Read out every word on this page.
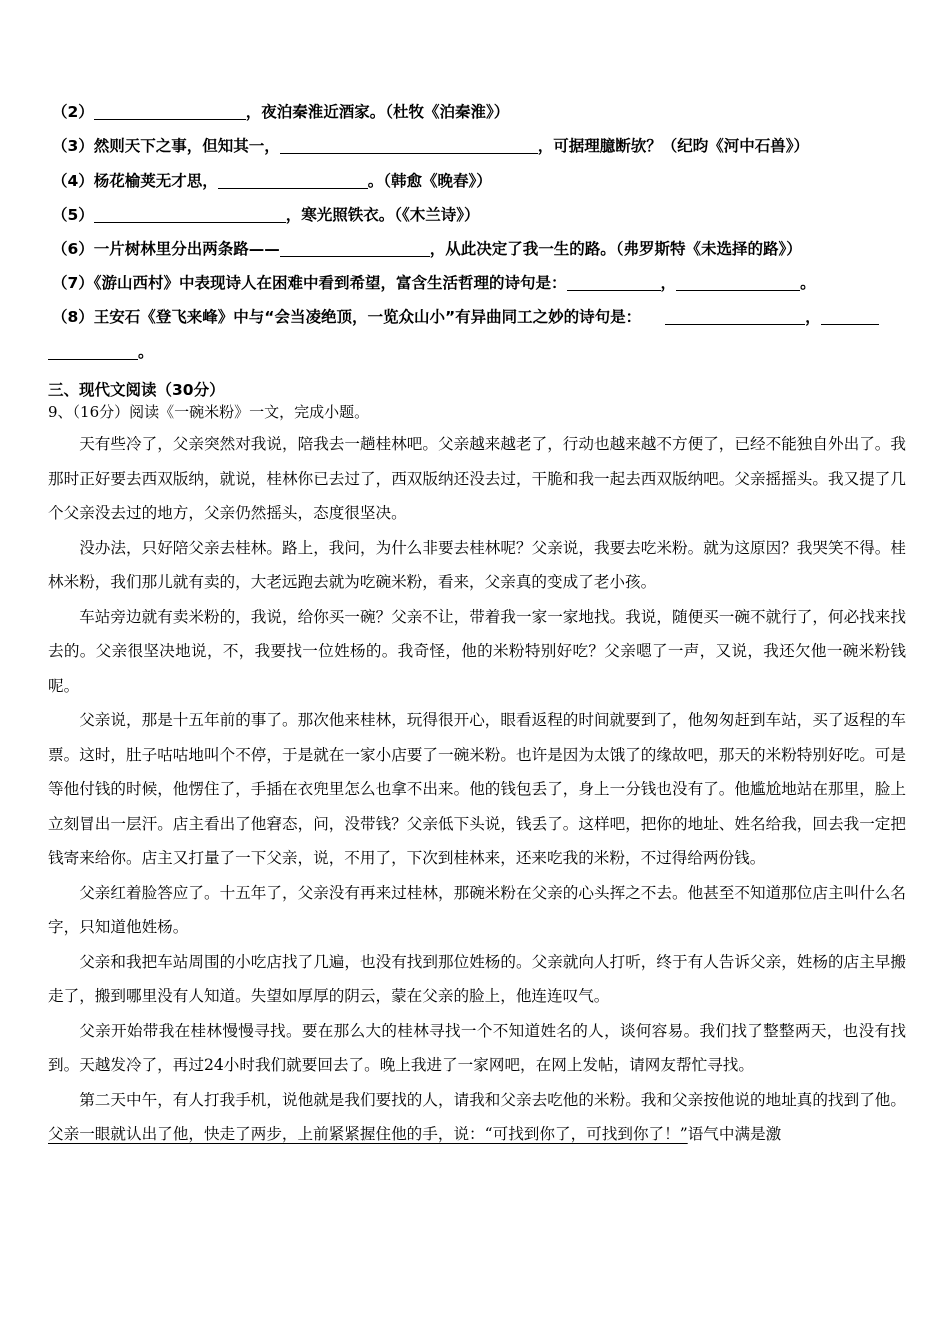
（2）	，夜泊秦淮近酒家。（杜牧《泊秦淮》）
（3）然则天下之事，但知其一，	，可据理臆断欤？（纪昀《河中石兽》）
（4）杨花榆荚无才思，	。（韩愈《晚春》）
（5）	，寒光照铁衣。（《木兰诗》）
（6）一片树林里分出两条路——	，从此决定了我一生的路。（弗罗斯特《未选择的路》）
（7）《游山西村》中表现诗人在困难中看到希望，富含生活哲理的诗句是：	，	。
（8）王安石《登飞来峰》中与“会当凌绝顶，一览众山小”有异曲同工之妙的诗句是：	，
。
三、现代文阅读（30分）
9、（16分）阅读《一碗米粉》一文，完成小题。

天有些冷了，父亲突然对我说，陪我去一趟桂林吧。父亲越来越老了，行动也越来越不方便了，已经不能独自外出了。我那时正好要去西双版纳，就说，桂林你已去过了，西双版纳还没去过，干脆和我一起去西双版纳吧。父亲摇摇头。我又提了几个父亲没去过的地方，父亲仍然摇头，态度很坚决。

没办法，只好陪父亲去桂林。路上，我问，为什么非要去桂林呢？父亲说，我要去吃米粉。就为这原因？我哭笑不得。桂林米粉，我们那儿就有卖的，大老远跑去就为吃碗米粉，看来，父亲真的变成了老小孩。

车站旁边就有卖米粉的，我说，给你买一碗？父亲不让，带着我一家一家地找。我说，随便买一碗不就行了，何必找来找去的。父亲很坚决地说，不，我要找一位姓杨的。我奇怪，他的米粉特别好吃？父亲嗯了一声，又说，我还欠他一碗米粉钱呢。

父亲说，那是十五年前的事了。那次他来桂林，玩得很开心，眼看返程的时间就要到了，他匆匆赶到车站，买了返程的车票。这时，肚子咕咕地叫个不停，于是就在一家小店要了一碗米粉。也许是因为太饿了的缘故吧，那天的米粉特别好吃。可是等他付钱的时候，他愣住了，手插在衣兜里怎么也拿不出来。他的钱包丢了，身上一分钱也没有了。他尴尬地站在那里，脸上立刻冒出一层汗。店主看出了他窘态，问，没带钱？父亲低下头说，钱丢了。这样吧，把你的地址、姓名给我，回去我一定把钱寄来给你。店主又打量了一下父亲，说，不用了，下次到桂林来，还来吃我的米粉，不过得给两份钱。

父亲红着脸答应了。十五年了，父亲没有再来过桂林，那碗米粉在父亲的心头挥之不去。他甚至不知道那位店主叫什么名字，只知道他姓杨。

父亲和我把车站周围的小吃店找了几遍，也没有找到那位姓杨的。父亲就向人打听，终于有人告诉父亲，姓杨的店主早搬走了，搬到哪里没有人知道。失望如厚厚的阴云，蒙在父亲的脸上，他连连叹气。

父亲开始带我在桂林慢慢寻找。要在那么大的桂林寻找一个不知道姓名的人，谈何容易。我们找了整整两天，也没有找到。天越发冷了，再过24小时我们就要回去了。晚上我进了一家网吧，在网上发帖，请网友帮忙寻找。

第二天中午，有人打我手机，说他就是我们要找的人，请我和父亲去吃他的米粉。我和父亲按他说的地址真的找到了他。父亲一眼就认出了他，快走了两步，上前紧紧握住他的手，说：“可找到你了，可找到你了！”语气中满是激
